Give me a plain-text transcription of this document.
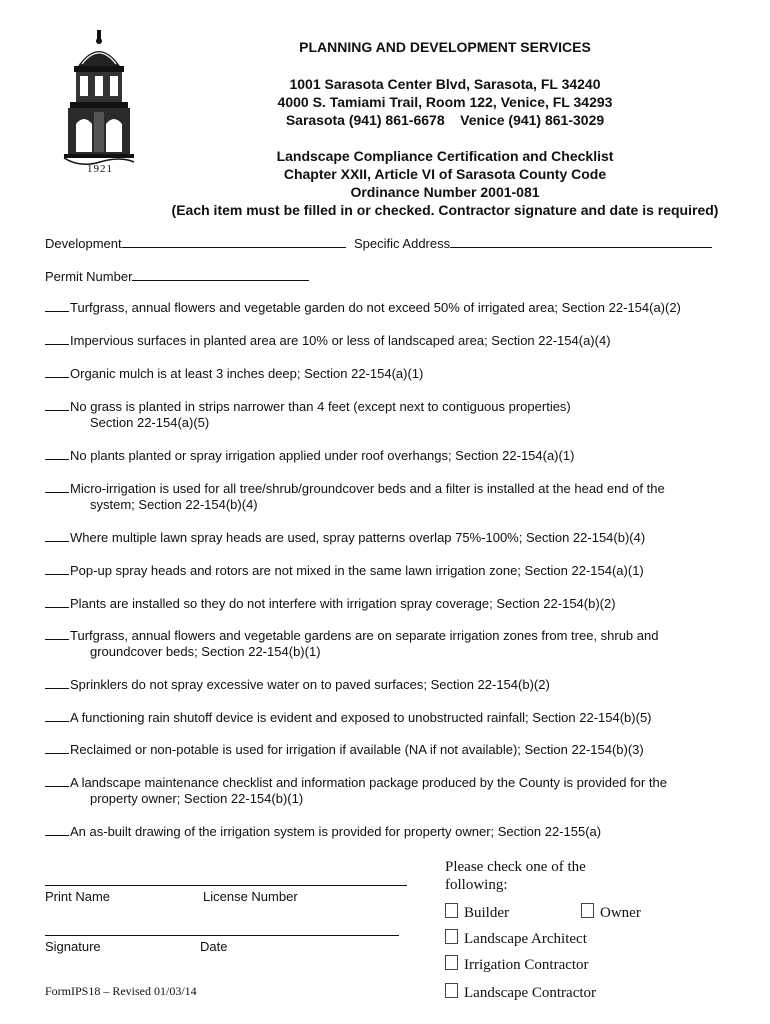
1921
PLANNING AND DEVELOPMENT SERVICES
1001 Sarasota Center Blvd, Sarasota, FL 34240
4000 S. Tamiami Trail, Room 122, Venice, FL 34293
Sarasota (941) 861-6678    Venice (941) 861-3029
Landscape Compliance Certification and Checklist
Chapter XXII, Article VI of Sarasota County Code
Ordinance Number 2001-081
(Each item must be filled in or checked. Contractor signature and date is required)
Development	Specific Address
Permit Number
Turfgrass, annual flowers and vegetable garden do not exceed 50% of irrigated area; Section 22-154(a)(2)
Impervious surfaces in planted area are 10% or less of landscaped area; Section 22-154(a)(4)
Organic mulch is at least 3 inches deep; Section 22-154(a)(1)
No grass is planted in strips narrower than 4 feet (except next to contiguous properties)
Section 22-154(a)(5)
No plants planted or spray irrigation applied under roof overhangs; Section 22-154(a)(1)
Micro-irrigation is used for all tree/shrub/groundcover beds and a filter is installed at the head end of the
system; Section 22-154(b)(4)
Where multiple lawn spray heads are used, spray patterns overlap 75%-100%; Section 22-154(b)(4)
Pop-up spray heads and rotors are not mixed in the same lawn irrigation zone; Section 22-154(a)(1)
Plants are installed so they do not interfere with irrigation spray coverage; Section 22-154(b)(2)
Turfgrass, annual flowers and vegetable gardens are on separate irrigation zones from tree, shrub and
groundcover beds; Section 22-154(b)(1)
Sprinklers do not spray excessive water on to paved surfaces; Section 22-154(b)(2)
A functioning rain shutoff device is evident and exposed to unobstructed rainfall; Section 22-154(b)(5)
Reclaimed or non-potable is used for irrigation if available (NA if not available); Section 22-154(b)(3)
A landscape maintenance checklist and information package produced by the County is provided for the
property owner; Section 22-154(b)(1)
An as-built drawing of the irrigation system is provided for property owner; Section 22-155(a)
Print Name	License Number
Signature	Date
Please check one of the
following:
Builder	Owner
Landscape Architect
Irrigation Contractor
Landscape Contractor
FormIPS18 – Revised 01/03/14
